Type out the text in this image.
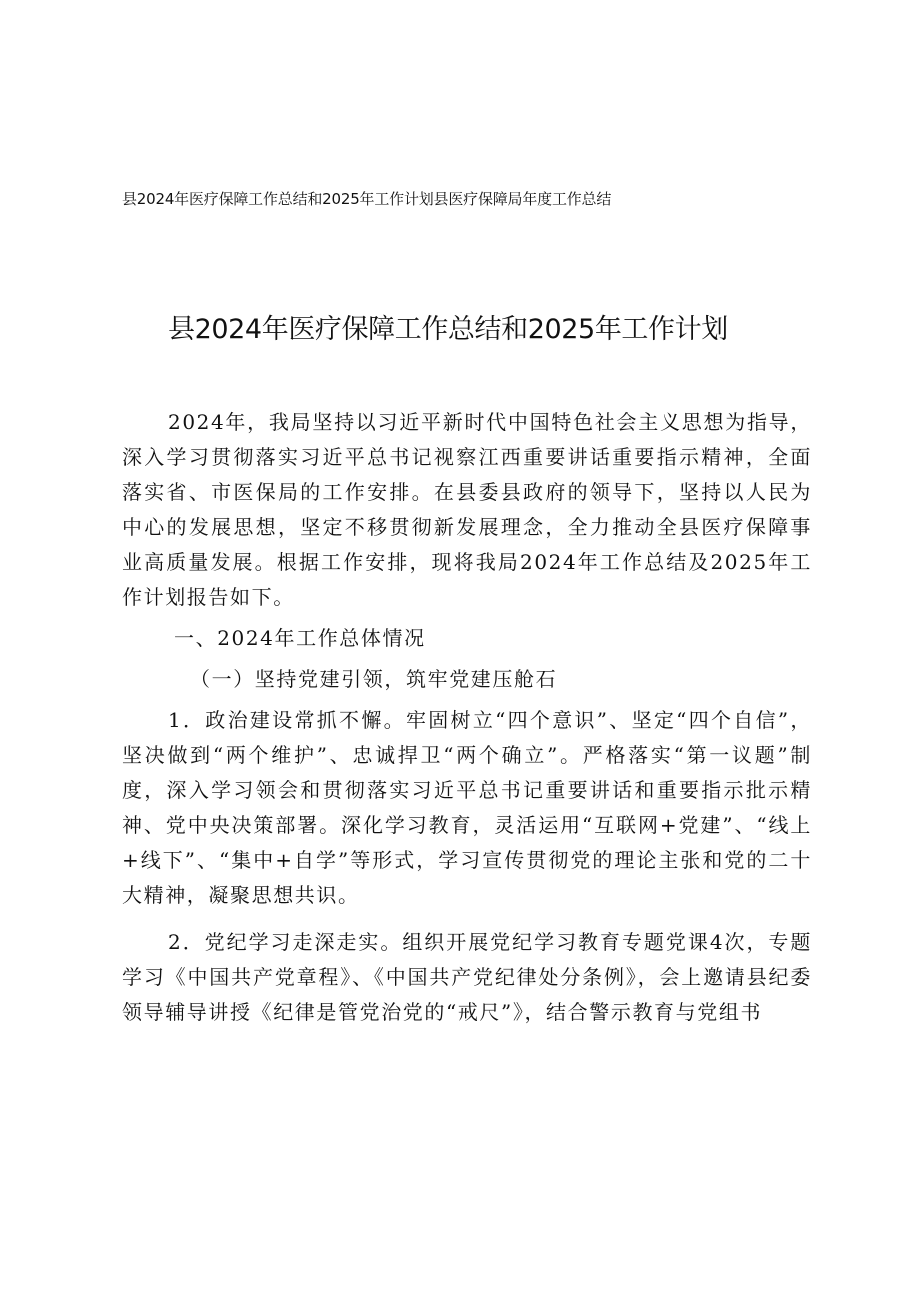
县2024年医疗保障工作总结和2025年工作计划县医疗保障局年度工作总结
县2024年医疗保障工作总结和2025年工作计划

2024年，我局坚持以习近平新时代中国特色社会主义思想为指导，深入学习贯彻落实习近平总书记视察江西重要讲话重要指示精神，全面落实省、市医保局的工作安排。在县委县政府的领导下，坚持以人民为中心的发展思想，坚定不移贯彻新发展理念，全力推动全县医疗保障事业高质量发展。根据工作安排，现将我局2024年工作总结及2025年工作计划报告如下。

一、2024年工作总体情况

（一）坚持党建引领，筑牢党建压舱石

1．政治建设常抓不懈。牢固树立“四个意识”、坚定“四个自信”，坚决做到“两个维护”、忠诚捍卫“两个确立”。严格落实“第一议题”制度，深入学习领会和贯彻落实习近平总书记重要讲话和重要指示批示精神、党中央决策部署。深化学习教育，灵活运用“互联网+党建”、“线上+线下”、“集中+自学”等形式，学习宣传贯彻党的理论主张和党的二十大精神，凝聚思想共识。

2．党纪学习走深走实。组织开展党纪学习教育专题党课4次，专题学习《中国共产党章程》、《中国共产党纪律处分条例》，会上邀请县纪委领导辅导讲授《纪律是管党治党的“戒尺”》，结合警示教育与党组书
